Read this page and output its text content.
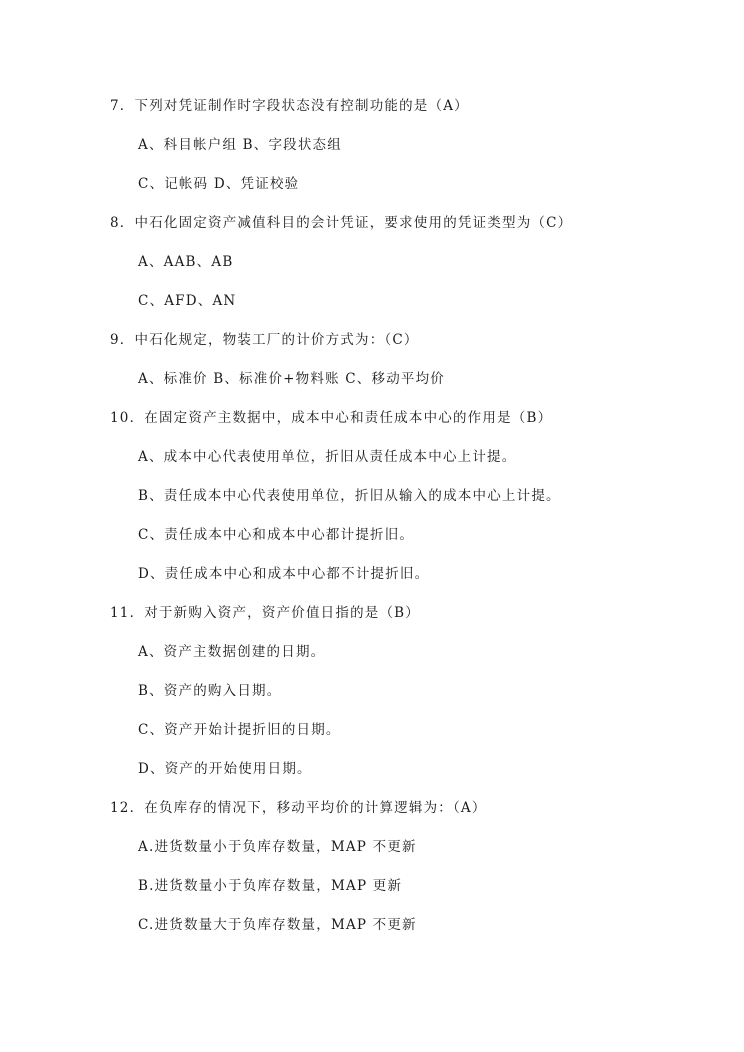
7．下列对凭证制作时字段状态没有控制功能的是（A）
A、科目帐户组 B、字段状态组
C、记帐码 D、凭证校验
8．中石化固定资产减值科目的会计凭证，要求使用的凭证类型为（C）
A、AAB、AB
C、AFD、AN
9．中石化规定，物装工厂的计价方式为：（C）
A、标准价 B、标准价+物料账 C、移动平均价
10．在固定资产主数据中，成本中心和责任成本中心的作用是（B）
A、成本中心代表使用单位，折旧从责任成本中心上计提。
B、责任成本中心代表使用单位，折旧从输入的成本中心上计提。
C、责任成本中心和成本中心都计提折旧。
D、责任成本中心和成本中心都不计提折旧。
11．对于新购入资产，资产价值日指的是（B）
A、资产主数据创建的日期。
B、资产的购入日期。
C、资产开始计提折旧的日期。
D、资产的开始使用日期。
12．在负库存的情况下，移动平均价的计算逻辑为：（A）
A.进货数量小于负库存数量，MAP 不更新
B.进货数量小于负库存数量，MAP 更新
C.进货数量大于负库存数量，MAP 不更新
